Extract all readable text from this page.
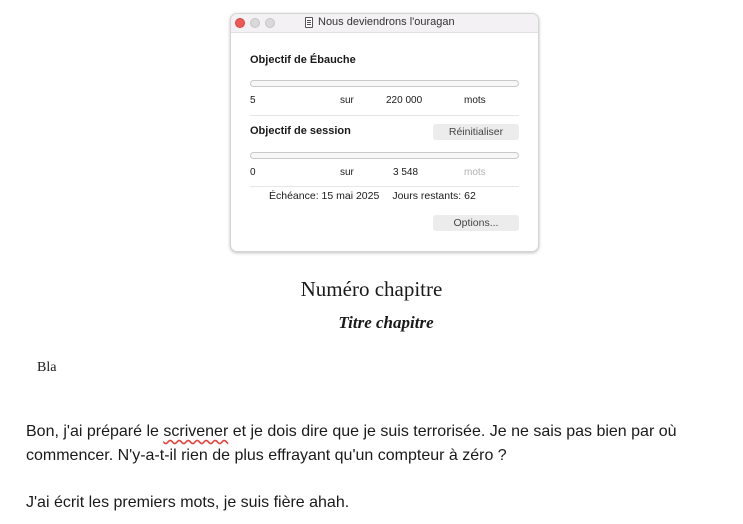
Nous deviendrons l'ouragan
Objectif de Ébauche
5	sur	220 000	mots
Objectif de session	Réinitialiser
0	sur	3 548	mots
Échéance: 15 mai 2025 Jours restants: 62
Options...
Numéro chapitre
Titre chapitre
Bla

Bon, j'ai préparé le scrivener et je dois dire que je suis terrorisée. Je ne sais pas bien par où commencer. N'y-a-t-il rien de plus effrayant qu'un compteur à zéro ?

J'ai écrit les premiers mots, je suis fière ahah.
